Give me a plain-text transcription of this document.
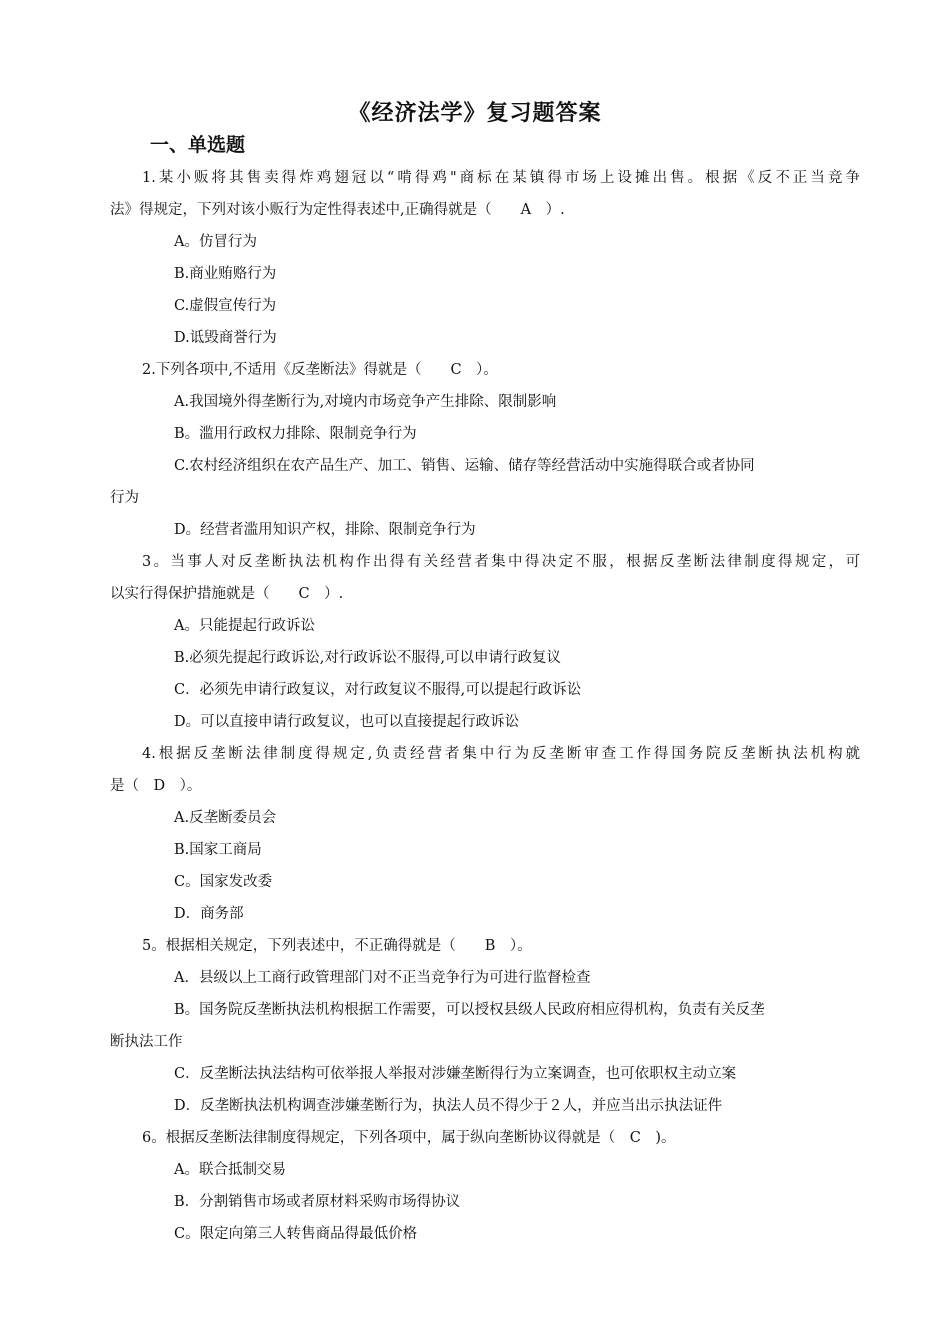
《经济法学》复习题答案
一、单选题
1.某小贩将其售卖得炸鸡翅冠以“啃得鸡"商标在某镇得市场上设摊出售。根据《反不正当竞争
法》得规定，下列对该小贩行为定性得表述中,正确得就是（　　A　）.
A。仿冒行为
B.商业贿赂行为
C.虚假宣传行为
D.诋毁商誉行为
2.下列各项中,不适用《反垄断法》得就是（　　C　）。
A.我国境外得垄断行为,对境内市场竞争产生排除、限制影响
B。滥用行政权力排除、限制竞争行为
C.农村经济组织在农产品生产、加工、销售、运输、储存等经营活动中实施得联合或者协同
行为
D。经营者滥用知识产权，排除、限制竞争行为
3。当事人对反垄断执法机构作出得有关经营者集中得决定不服，根据反垄断法律制度得规定，可
以实行得保护措施就是（　　C　）.
A。只能提起行政诉讼
B.必须先提起行政诉讼,对行政诉讼不服得,可以申请行政复议
C．必须先申请行政复议，对行政复议不服得,可以提起行政诉讼
D。可以直接申请行政复议，也可以直接提起行政诉讼
4.根据反垄断法律制度得规定,负责经营者集中行为反垄断审查工作得国务院反垄断执法机构就
是（　D　）。
A.反垄断委员会
B.国家工商局
C。国家发改委
D．商务部
5。根据相关规定，下列表述中，不正确得就是（　　B　）。
A．县级以上工商行政管理部门对不正当竞争行为可进行监督检查
B。国务院反垄断执法机构根据工作需要，可以授权县级人民政府相应得机构，负责有关反垄
断执法工作
C．反垄断法执法结构可依举报人举报对涉嫌垄断得行为立案调查，也可依职权主动立案
D．反垄断执法机构调查涉嫌垄断行为，执法人员不得少于２人，并应当出示执法证件
6。根据反垄断法律制度得规定，下列各项中，属于纵向垄断协议得就是（　C　)。
A。联合抵制交易
B．分割销售市场或者原材料采购市场得协议
C。限定向第三人转售商品得最低价格
